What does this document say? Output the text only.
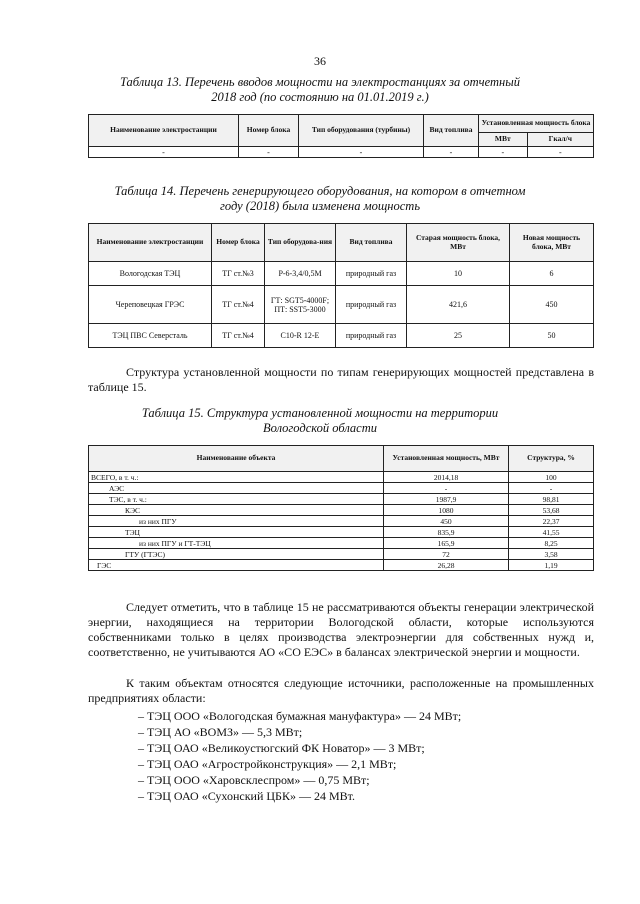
36
Таблица 13. Перечень вводов мощности на электростанциях за отчетный
2018 год (по состоянию на 01.01.2019 г.)
Наименование электростанции	Номер блока	Тип оборудования (турбины)	Вид топлива	Установленная мощность блока	
				МВт	Гкал/ч
-	-	-	-	-	-
Таблица 14. Перечень генерирующего оборудования, на котором в отчетном
году (2018) была изменена мощность
Наименование электростанции	Номер блока	Тип оборудова-ния	Вид топлива	Старая мощность блока, МВт	Новая мощность блока, МВт
Вологодская ТЭЦ	ТГ ст.№3	Р-6-3,4/0,5М	природный газ	10	6
Череповецкая ГРЭС	ТГ ст.№4	ГТ: SGT5-4000F; ПТ: SST5-3000	природный газ	421,6	450
ТЭЦ ПВС Северсталь	ТГ ст.№4	С10-R 12-Е	природный газ	25	50
Структура установленной мощности по типам генерирующих мощностей представлена в таблице 15.
Таблица 15. Структура установленной мощности на территории
Вологодской области
Наименование объекта	Установленная мощность, МВт	Структура, %
ВСЕГО, в т. ч.:	2014,18	100
АЭС	-	-
ТЭС, в т. ч.:	1987,9	98,81
КЭС	1080	53,68
из них ПГУ	450	22,37
ТЭЦ	835,9	41,55
из них ПГУ и ГТ-ТЭЦ	165,9	8,25
ГТУ (ГТЭС)	72	3,58
ГЭС	26,28	1,19
Следует отметить, что в таблице 15 не рассматриваются объекты генерации электрической энергии, находящиеся на территории Вологодской области, которые используются собственниками только в целях производства электроэнергии для собственных нужд и, соответственно, не учитываются АО «СО ЕЭС» в балансах электрической энергии и мощности.
К таким объектам относятся следующие источники, расположенные на промышленных предприятиях области:
– ТЭЦ ООО «Вологодская бумажная мануфактура» — 24 МВт;
– ТЭЦ АО «ВОМЗ» — 5,3 МВт;
– ТЭЦ ОАО «Великоустюгский ФК Новатор» — 3 МВт;
– ТЭЦ ОАО «Агростройконструкция» — 2,1 МВт;
– ТЭЦ ООО «Харовсклеспром» — 0,75 МВт;
– ТЭЦ ОАО «Сухонский ЦБК» — 24 МВт.
